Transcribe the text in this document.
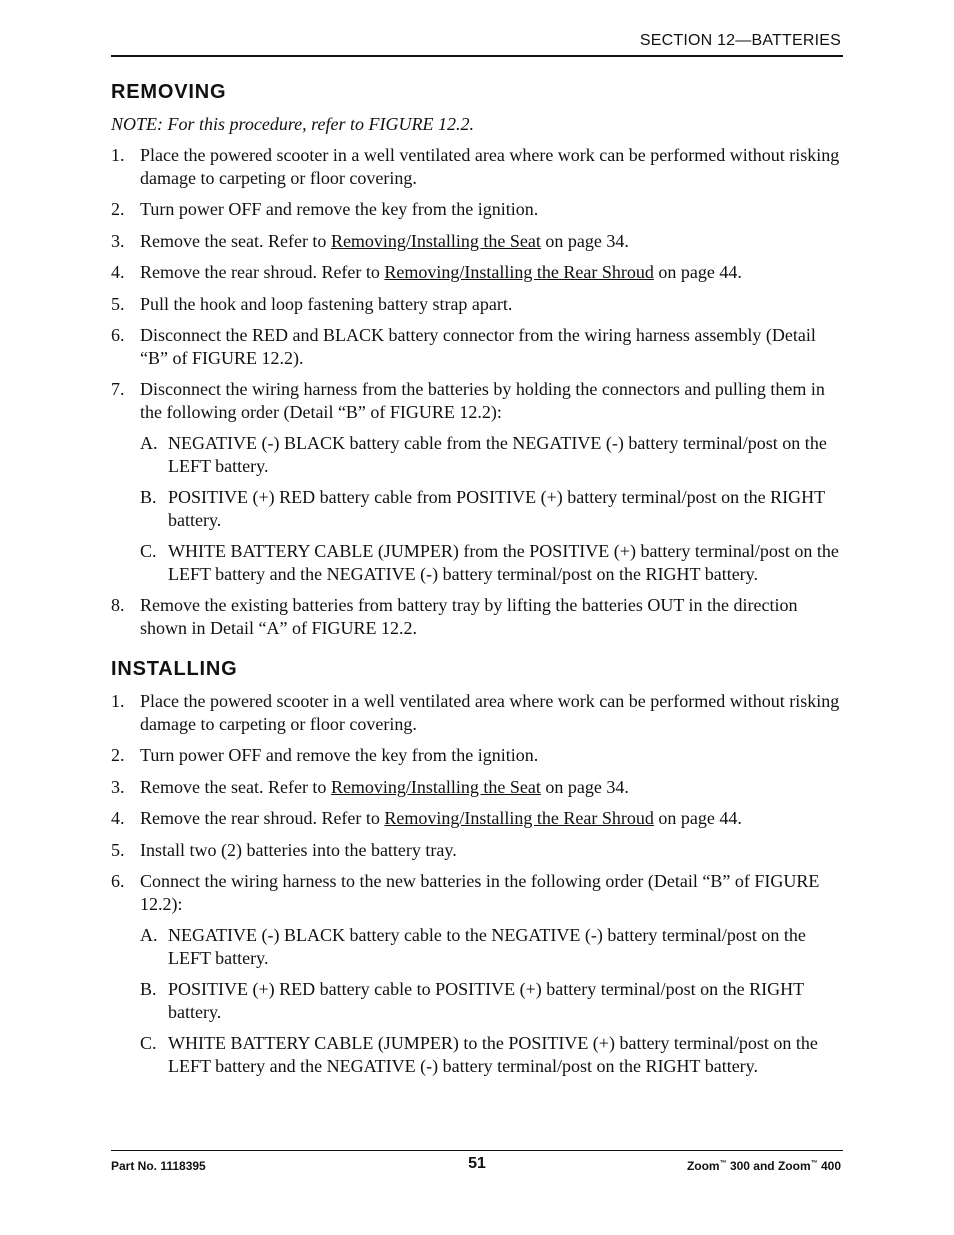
SECTION 12—BATTERIES
REMOVING
NOTE: For this procedure, refer to FIGURE 12.2.
1. Place the powered scooter in a well ventilated area where work can be performed without risking damage to carpeting or floor covering.
2. Turn power OFF and remove the key from the ignition.
3. Remove the seat. Refer to Removing/Installing the Seat on page 34.
4. Remove the rear shroud. Refer to Removing/Installing the Rear Shroud on page 44.
5. Pull the hook and loop fastening battery strap apart.
6. Disconnect the RED and BLACK battery connector from the wiring harness assembly (Detail “B” of FIGURE 12.2).
7. Disconnect the wiring harness from the batteries by holding the connectors and pulling them in the following order (Detail “B” of FIGURE 12.2):
A. NEGATIVE (-) BLACK battery cable from the NEGATIVE (-) battery terminal/post on the LEFT battery.
B. POSITIVE (+) RED battery cable from POSITIVE (+) battery terminal/post on the RIGHT battery.
C. WHITE BATTERY CABLE (JUMPER) from the POSITIVE (+) battery terminal/post on the LEFT battery and the NEGATIVE (-) battery terminal/post on the RIGHT battery.
8. Remove the existing batteries from battery tray by lifting the batteries OUT in the direction shown in Detail “A” of FIGURE 12.2.
INSTALLING
1. Place the powered scooter in a well ventilated area where work can be performed without risking damage to carpeting or floor covering.
2. Turn power OFF and remove the key from the ignition.
3. Remove the seat. Refer to Removing/Installing the Seat on page 34.
4. Remove the rear shroud. Refer to Removing/Installing the Rear Shroud on page 44.
5. Install two (2) batteries into the battery tray.
6. Connect the wiring harness to the new batteries in the following order (Detail “B” of FIGURE 12.2):
A. NEGATIVE (-) BLACK battery cable to the NEGATIVE (-) battery terminal/post on the LEFT battery.
B. POSITIVE (+) RED battery cable to POSITIVE (+) battery terminal/post on the RIGHT battery.
C. WHITE BATTERY CABLE (JUMPER) to the POSITIVE (+) battery terminal/post on the LEFT battery and the NEGATIVE (-) battery terminal/post on the RIGHT battery.
Part No. 1118395	51	Zoom™ 300 and Zoom™ 400
